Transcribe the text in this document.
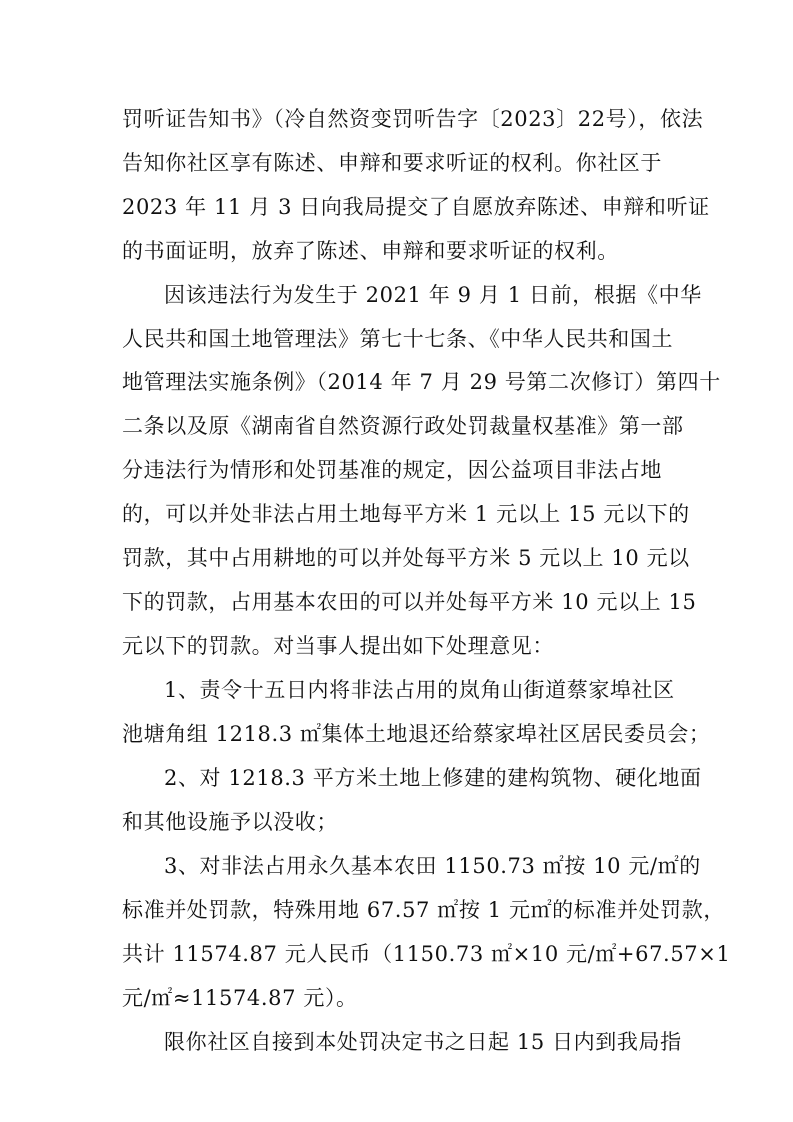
罚听证告知书》（冷自然资变罚听告字〔2023〕22号），依法
告知你社区享有陈述、申辩和要求听证的权利。你社区于
2023 年 11 月 3 日向我局提交了自愿放弃陈述、申辩和听证
的书面证明，放弃了陈述、申辩和要求听证的权利。
因该违法行为发生于 2021 年 9 月 1 日前，根据《中华
人民共和国土地管理法》第七十七条、《中华人民共和国土
地管理法实施条例》（2014 年 7 月 29 号第二次修订）第四十
二条以及原《湖南省自然资源行政处罚裁量权基准》第一部
分违法行为情形和处罚基准的规定，因公益项目非法占地
的，可以并处非法占用土地每平方米 1 元以上 15 元以下的
罚款，其中占用耕地的可以并处每平方米 5 元以上 10 元以
下的罚款，占用基本农田的可以并处每平方米 10 元以上 15
元以下的罚款。对当事人提出如下处理意见：
1、责令十五日内将非法占用的岚角山街道蔡家埠社区
池塘角组 1218.3 ㎡集体土地退还给蔡家埠社区居民委员会；
2、对 1218.3 平方米土地上修建的建构筑物、硬化地面
和其他设施予以没收；
3、对非法占用永久基本农田 1150.73 ㎡按 10 元/㎡的
标准并处罚款，特殊用地 67.57 ㎡按 1 元㎡的标准并处罚款，
共计 11574.87 元人民币（1150.73 ㎡×10 元/㎡+67.57×1
元/㎡≈11574.87 元）。
限你社区自接到本处罚决定书之日起 15 日内到我局指
